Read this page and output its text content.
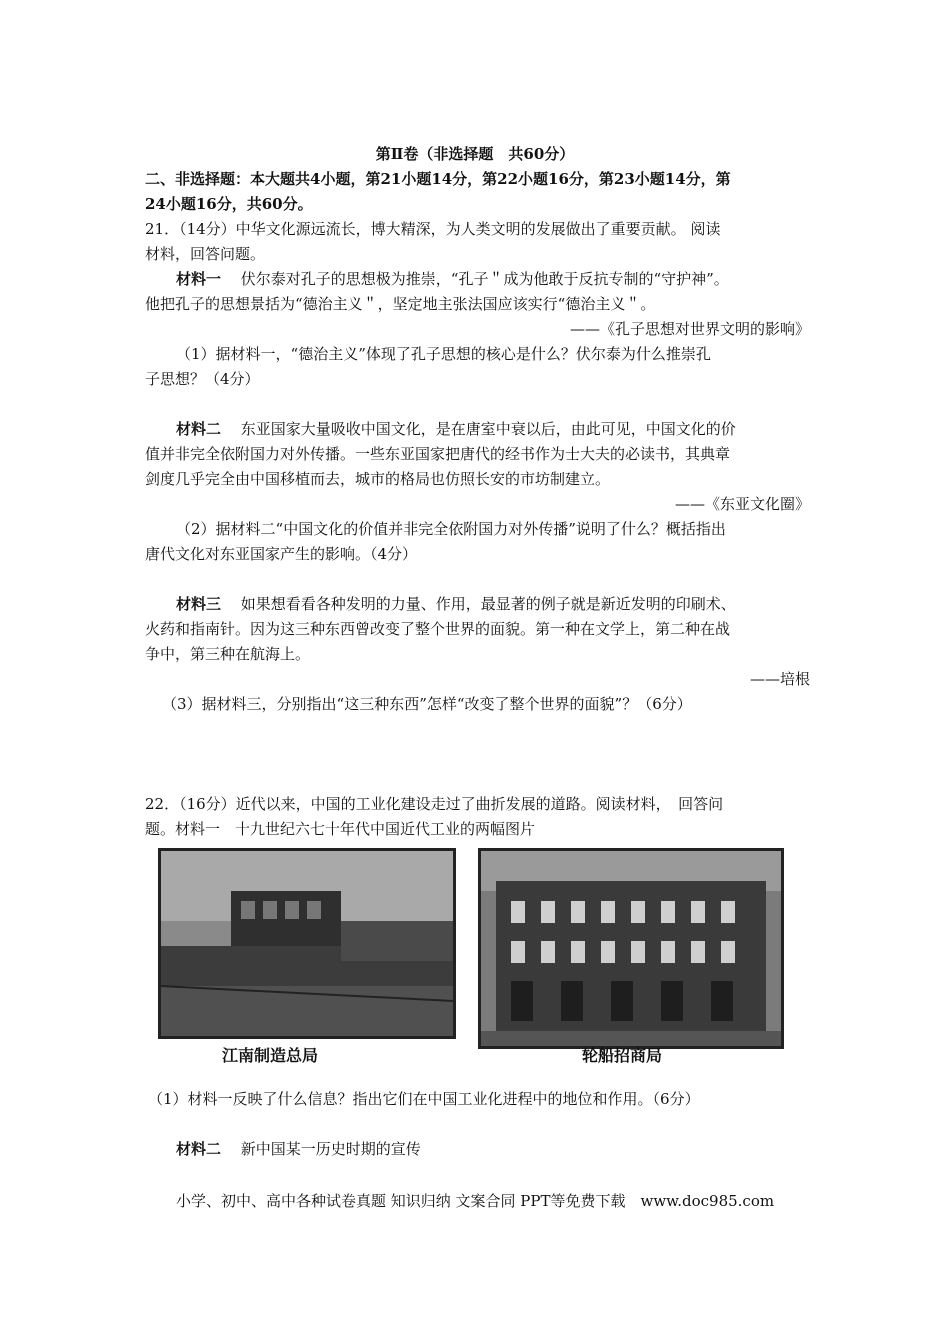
第Ⅱ卷（非选择题　共60分）
二、非选择题：本大题共4小题，第21小题14分，第22小题16分，第23小题14分，第
24小题16分，共60分。
21．（14分）中华文化源远流长，博大精深，为人类文明的发展做出了重要贡献。 阅读
材料，回答问题。
材料一　 伏尔泰对孔子的思想极为推崇，“孔子＂成为他敢于反抗专制的“守护神”。
他把孔子的思想景括为“德治主义＂，坚定地主张法国应该实行“德治主义＂。
——《孔子思想对世界文明的影响》
（1）据材料一，“德治主义”体现了孔子思想的核心是什么？伏尔泰为什么推崇孔
子思想？（4分）
材料二　 东亚国家大量吸收中国文化，是在唐室中衰以后，由此可见，中国文化的价
值并非完全依附国力对外传播。一些东亚国家把唐代的经书作为士大夫的必读书，其典章
剑度几乎完全由中国移植而去，城市的格局也仿照长安的市坊制建立。
——《东亚文化圈》
（2）据材料二“中国文化的价值并非完全依附国力对外传播”说明了什么？概括指出
唐代文化对东亚国家产生的影响。（4分）
材料三　 如果想看看各种发明的力量、作用，最显著的例子就是新近发明的印刷术、
火药和指南针。因为这三种东西曾改变了整个世界的面貌。第一种在文学上，第二种在战
争中，第三种在航海上。
——培根
（3）据材料三，分别指出“这三种东西”怎样“改变了整个世界的面貌”？（6分）
22．（16分）近代以来，中国的工业化建设走过了曲折发展的道路。阅读材料，　回答问
题。材料一　十九世纪六七十年代中国近代工业的两幅图片
江南制造总局	轮船招商局
（1）材料一反映了什么信息？指出它们在中国工业化进程中的地位和作用。（6分）
材料二　 新中国某一历史时期的宣传
小学、初中、高中各种试卷真题 知识归纳 文案合同 PPT等免费下载　www.doc985.com
